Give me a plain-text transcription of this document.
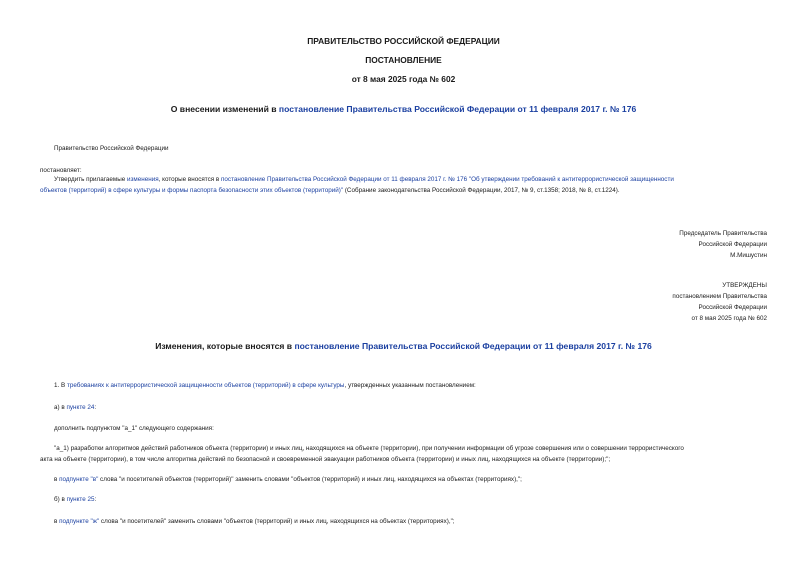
ПРАВИТЕЛЬСТВО РОССИЙСКОЙ ФЕДЕРАЦИИ
ПОСТАНОВЛЕНИЕ
от 8 мая 2025 года № 602
О внесении изменений в постановление Правительства Российской Федерации от 11 февраля 2017 г. № 176
Правительство Российской Федерации
постановляет:
Утвердить прилагаемые изменения, которые вносятся в постановление Правительства Российской Федерации от 11 февраля 2017 г. № 176 "Об утверждении требований к антитеррористической защищенности
объектов (территорий) в сфере культуры и формы паспорта безопасности этих объектов (территорий)" (Собрание законодательства Российской Федерации, 2017, № 9, ст.1358; 2018, № 8, ст.1224).
Председатель Правительства
Российской Федерации
М.Мишустин
УТВЕРЖДЕНЫ
постановлением Правительства
Российской Федерации
от 8 мая 2025 года № 602
Изменения, которые вносятся в постановление Правительства Российской Федерации от 11 февраля 2017 г. № 176
1. В требованиях к антитеррористической защищенности объектов (территорий) в сфере культуры, утвержденных указанным постановлением:
а) в пункте 24:
дополнить подпунктом "а_1" следующего содержания:
"а_1) разработки алгоритмов действий работников объекта (территории) и иных лиц, находящихся на объекте (территории), при получении информации об угрозе совершения или о совершении террористического
акта на объекте (территории), в том числе алгоритма действий по безопасной и своевременной эвакуации работников объекта (территории) и иных лиц, находящихся на объекте (территории);";
в подпункте "в" слова "и посетителей объектов (территорий)" заменить словами "объектов (территорий) и иных лиц, находящихся на объектах (территориях),";
б) в пункте 25:
в подпункте "ж" слова "и посетителей" заменить словами "объектов (территорий) и иных лиц, находящихся на объектах (территориях),";
